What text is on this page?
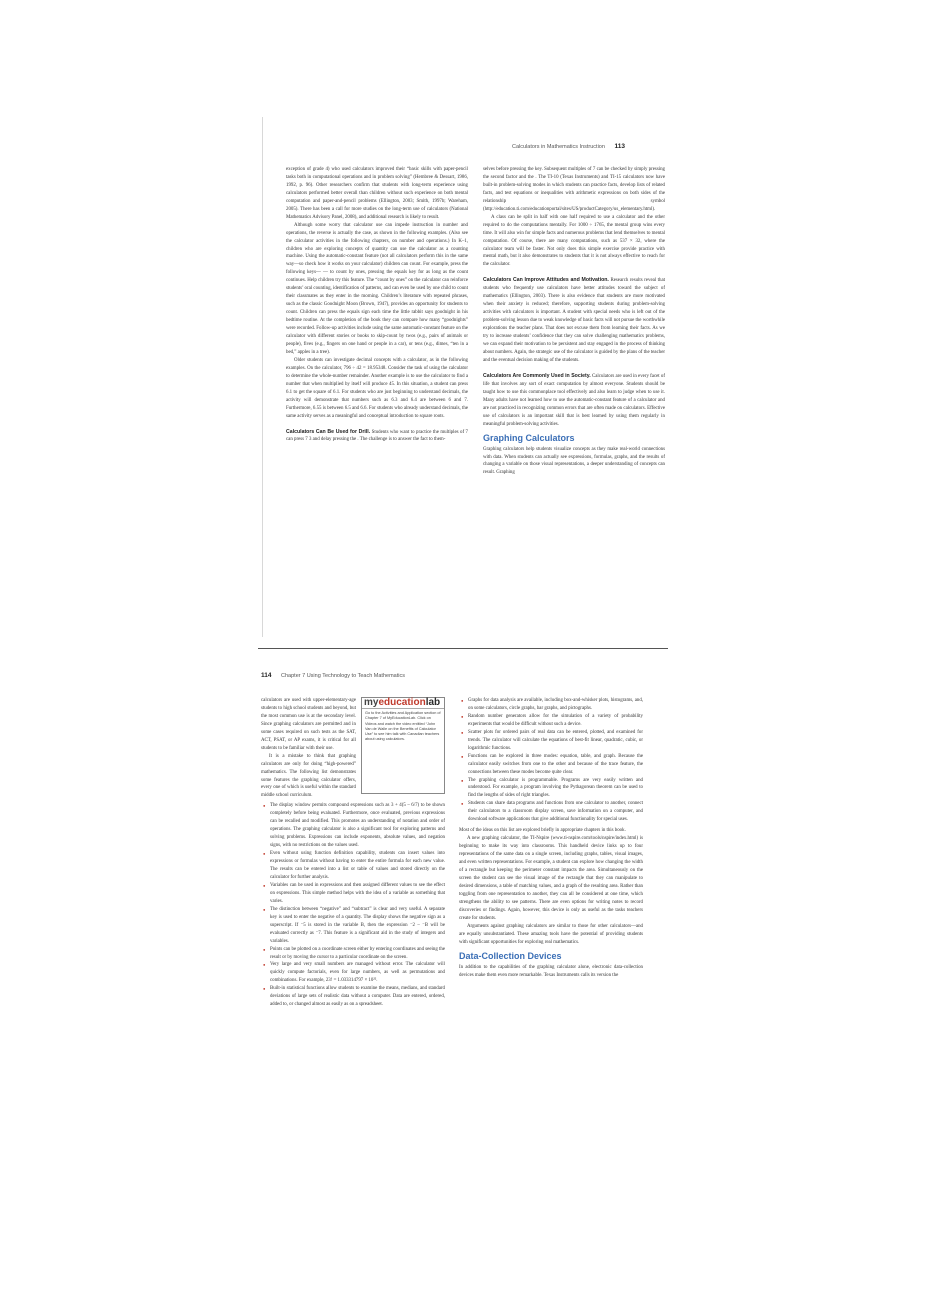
Calculators in Mathematics Instruction 113

exception of grade 4) who used calculators improved their “basic skills with paper-pencil tasks both in computational operations and in problem solving” (Hembree & Dessart, 1986, 1992, p. 96). Other researchers confirm that students with long-term experience using calculators performed better overall than children without such experience on both mental computation and paper-and-pencil problems (Ellington, 2003; Smith, 1997b; Wareham, 2005). There has been a call for more studies on the long-term use of calculators (National Mathematics Advisory Panel, 2008), and additional research is likely to result.

Although some worry that calculator use can impede instruction in number and operations, the reverse is actually the case, as shown in the following examples. (Also see the calculator activities in the following chapters, on number and operations.) In K–1, children who are exploring concepts of quantity can use the calculator as a counting machine. Using the automatic-constant feature (not all calculators perform this in the same way—so check how it works on your calculator) children can count. For example, press the following keys— — to count by ones, pressing the equals key for as long as the count continues. Help children try this feature. The “count by ones” on the calculator can reinforce students’ oral counting, identification of patterns, and can even be used by one child to count their classmates as they enter in the morning. Children’s literature with repeated phrases, such as the classic Goodnight Moon (Brown, 1947), provides an opportunity for students to count. Children can press the equals sign each time the little rabbit says goodnight in his bedtime routine. At the completion of the book they can compare how many “goodnights” were recorded. Follow-up activities include using the same automatic-constant feature on the calculator with different stories or books to skip-count by twos (e.g., pairs of animals or people), fives (e.g., fingers on one hand or people in a car), or tens (e.g., dimes, “ten in a bed,” apples in a tree).

Older students can investigate decimal concepts with a calculator, as in the following examples. On the calculator, 796 ÷ 42 = 18.95348. Consider the task of using the calculator to determine the whole-number remainder. Another example is to use the calculator to find a number that when multiplied by itself will produce 45. In this situation, a student can press 6.1 to get the square of 6.1. For students who are just beginning to understand decimals, the activity will demonstrate that numbers such as 6.3 and 6.4 are between 6 and 7. Furthermore, 6.55 is between 6.5 and 6.6. For students who already understand decimals, the same activity serves as a meaningful and conceptual introduction to square roots.

Calculators Can Be Used for Drill. Students who want to practice the multiples of 7 can press 7 3 and delay pressing the . The challenge is to answer the fact to them-

selves before pressing the key. Subsequent multiples of 7 can be checked by simply pressing the second factor and the . The TI-10 (Texas Instruments) and TI-15 calculators now have built-in problem-solving modes in which students can practice facts, develop lists of related facts, and test equations or inequalities with arithmetic expressions on both sides of the relationship symbol (http://education.ti.com/educationportal/sites/US/productCategory/us_elementary.html).

A class can be split in half with one half required to use a calculator and the other required to do the computations mentally. For 1000 ÷ 1765, the mental group wins every time. It will also win for simple facts and numerous problems that lend themselves to mental computation. Of course, there are many computations, such as 537 × 32, where the calculator team will be faster. Not only does this simple exercise provide practice with mental math, but it also demonstrates to students that it is not always effective to reach for the calculator.

Calculators Can Improve Attitudes and Motivation. Research results reveal that students who frequently use calculators have better attitudes toward the subject of mathematics (Ellington, 2003). There is also evidence that students are more motivated when their anxiety is reduced; therefore, supporting students during problem-solving activities with calculators is important. A student with special needs who is left out of the problem-solving lesson due to weak knowledge of basic facts will not pursue the worthwhile explorations the teacher plans. That does not excuse them from learning their facts. As we try to increase students’ confidence that they can solve challenging mathematics problems, we can expand their motivation to be persistent and stay engaged in the process of thinking about numbers. Again, the strategic use of the calculator is guided by the plans of the teacher and the eventual decision making of the students.

Calculators Are Commonly Used in Society. Calculators are used in every facet of life that involves any sort of exact computation by almost everyone. Students should be taught how to use this commonplace tool effectively and also learn to judge when to use it. Many adults have not learned how to use the automatic-constant feature of a calculator and are not practiced in recognizing common errors that are often made on calculators. Effective use of calculators is an important skill that is best learned by using them regularly in meaningful problem-solving activities.

Graphing Calculators

Graphing calculators help students visualize concepts as they make real-world connections with data. When students can actually see expressions, formulas, graphs, and the results of changing a variable on those visual representations, a deeper understanding of concepts can result. Graphing

114 Chapter 7 Using Technology to Teach Mathematics
myeducationlab
Go to the Activities and Application section of Chapter 7 of MyEducationLab. Click on Videos and watch the video entitled “John Van de Walle on the Benefits of Calculator Use” to see him talk with Canadian teachers about using calculators.

calculators are used with upper-elementary-age students to high school students and beyond, but the most common use is at the secondary level. Since graphing calculators are permitted and in some cases required on such tests as the SAT, ACT, PSAT, or AP exams, it is critical for all students to be familiar with their use.

It is a mistake to think that graphing calculators are only for doing “high-powered” mathematics. The following list demonstrates some features the graphing calculator offers, every one of which is useful within the standard middle school curriculum.

● The display window permits compound expressions such as 3 + 4(5 – 6/7) to be shown completely before being evaluated. Furthermore, once evaluated, previous expressions can be recalled and modified. This promotes an understanding of notation and order of operations. The graphing calculator is also a significant tool for exploring patterns and solving problems. Expressions can include exponents, absolute values, and negation signs, with no restrictions on the values used.
● Even without using function definition capability, students can insert values into expressions or formulas without having to enter the entire formula for each new value. The results can be entered into a list or table of values and stored directly on the calculator for further analysis.
● Variables can be used in expressions and then assigned different values to see the effect on expressions. This simple method helps with the idea of a variable as something that varies.
● The distinction between “negative” and “subtract” is clear and very useful. A separate key is used to enter the negative of a quantity. The display shows the negative sign as a superscript. If ⁻5 is stored in the variable B, then the expression ⁻2 – ⁻B will be evaluated correctly as ⁻7. This feature is a significant aid in the study of integers and variables.
● Points can be plotted on a coordinate screen either by entering coordinates and seeing the result or by moving the cursor to a particular coordinate on the screen.
● Very large and very small numbers are managed without error. The calculator will quickly compute factorials, even for large numbers, as well as permutations and combinations. For example, 23! = 1.033314797 × 10²².
● Built-in statistical functions allow students to examine the means, medians, and standard deviations of large sets of realistic data without a computer. Data are entered, ordered, added to, or changed almost as easily as on a spreadsheet.
● Graphs for data analysis are available, including box-and-whisker plots, histograms, and, on some calculators, circle graphs, bar graphs, and pictographs.
● Random number generators allow for the simulation of a variety of probability experiments that would be difficult without such a device.
● Scatter plots for ordered pairs of real data can be entered, plotted, and examined for trends. The calculator will calculate the equations of best-fit linear, quadratic, cubic, or logarithmic functions.
● Functions can be explored in three modes: equation, table, and graph. Because the calculator easily switches from one to the other and because of the trace feature, the connections between these modes become quite clear.
● The graphing calculator is programmable. Programs are very easily written and understood. For example, a program involving the Pythagorean theorem can be used to find the lengths of sides of right triangles.
● Students can share data programs and functions from one calculator to another, connect their calculators to a classroom display screen, save information on a computer, and download software applications that give additional functionality for special uses.

Most of the ideas on this list are explored briefly in appropriate chapters in this book.

A new graphing calculator, the TI-Nspire (www.ti-nspire.com/tools/nspire/index.html) is beginning to make its way into classrooms. This handheld device links up to four representations of the same data on a single screen, including graphs, tables, visual images, and even written representations. For example, a student can explore how changing the width of a rectangle but keeping the perimeter constant impacts the area. Simultaneously on the screen the student can see the visual image of the rectangle that they can manipulate to desired dimensions, a table of matching values, and a graph of the resulting area. Rather than toggling from one representation to another, they can all be considered at one time, which strengthens the ability to see patterns. There are even options for writing notes to record discoveries or findings. Again, however, this device is only as useful as the tasks teachers create for students.

Arguments against graphing calculators are similar to those for other calculators—and are equally unsubstantiated. These amazing tools have the potential of providing students with significant opportunities for exploring real mathematics.

Data-Collection Devices

In addition to the capabilities of the graphing calculator alone, electronic data-collection devices make them even more remarkable. Texas Instruments calls its version the
